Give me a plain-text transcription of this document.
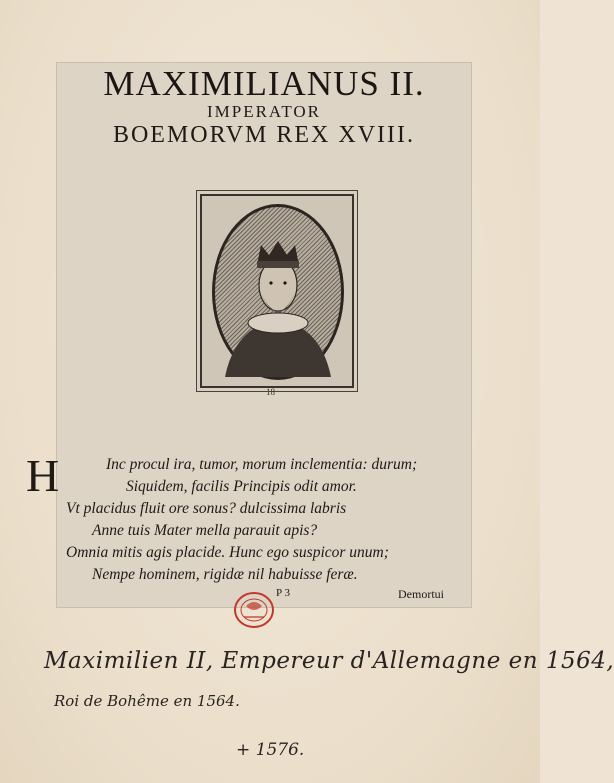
MAXIMILIANUS II.
IMPERATOR
BOEMORVM REX XVIII.
18
H	Inc procul ira, tumor, morum inclementia: durum;
Siquidem, facilis Principis odit amor.
Vt placidus fluit ore sonus? dulcissima labris
Anne tuis Mater mella parauit apis?
Omnia mitis agis placide. Hunc ego suspicor unum;
Nempe hominem, rigidæ nil habuisse feræ.
P 3	Demortui
Maximilien II, Empereur d'Allemagne en 1564,
Roi de Bohême en 1564.
+ 1576.
